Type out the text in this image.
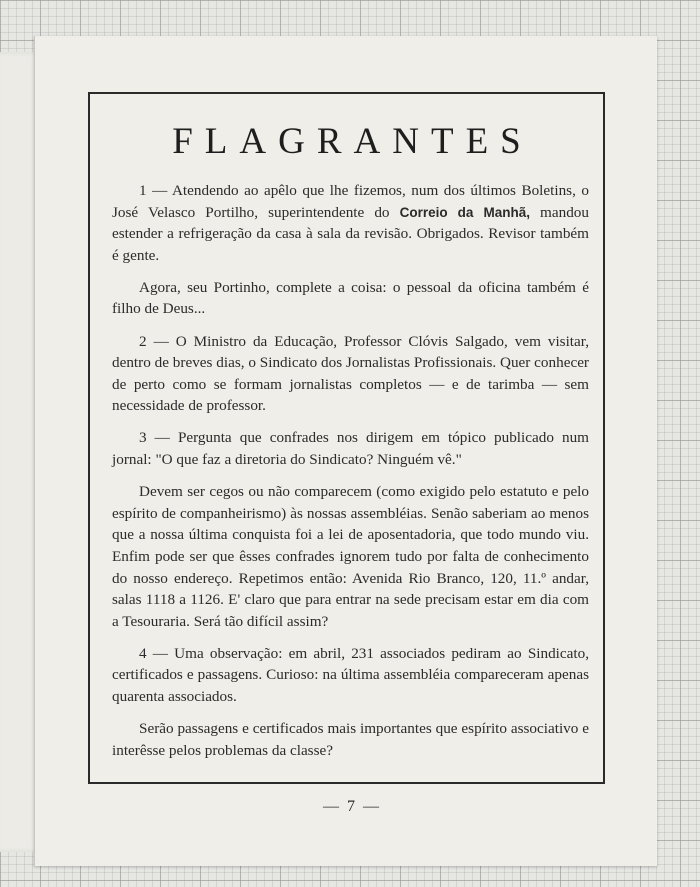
FLAGRANTES

1 — Atendendo ao apêlo que lhe fizemos, num dos últimos Boletins, o José Velasco Portilho, superintendente do Correio da Manhã, mandou estender a refrigeração da casa à sala da revisão. Obrigados. Revisor também é gente.

Agora, seu Portinho, complete a coisa: o pessoal da oficina também é filho de Deus...

2 — O Ministro da Educação, Professor Clóvis Salgado, vem visitar, dentro de breves dias, o Sindicato dos Jornalistas Profissionais. Quer conhecer de perto como se formam jornalistas completos — e de tarimba — sem necessidade de professor.

3 — Pergunta que confrades nos dirigem em tópico publicado num jornal: "O que faz a diretoria do Sindicato? Ninguém vê."

Devem ser cegos ou não comparecem (como exigido pelo estatuto e pelo espírito de companheirismo) às nossas assembléias. Senão saberiam ao menos que a nossa última conquista foi a lei de aposentadoria, que todo mundo viu. Enfim pode ser que êsses confrades ignorem tudo por falta de conhecimento do nosso endereço. Repetimos então: Avenida Rio Branco, 120, 11.º andar, salas 1118 a 1126. E' claro que para entrar na sede precisam estar em dia com a Tesouraria. Será tão difícil assim?

4 — Uma observação: em abril, 231 associados pediram ao Sindicato, certificados e passagens. Curioso: na última assembléia compareceram apenas quarenta associados.

Serão passagens e certificados mais importantes que espírito associativo e interêsse pelos problemas da classe?

— 7 —
